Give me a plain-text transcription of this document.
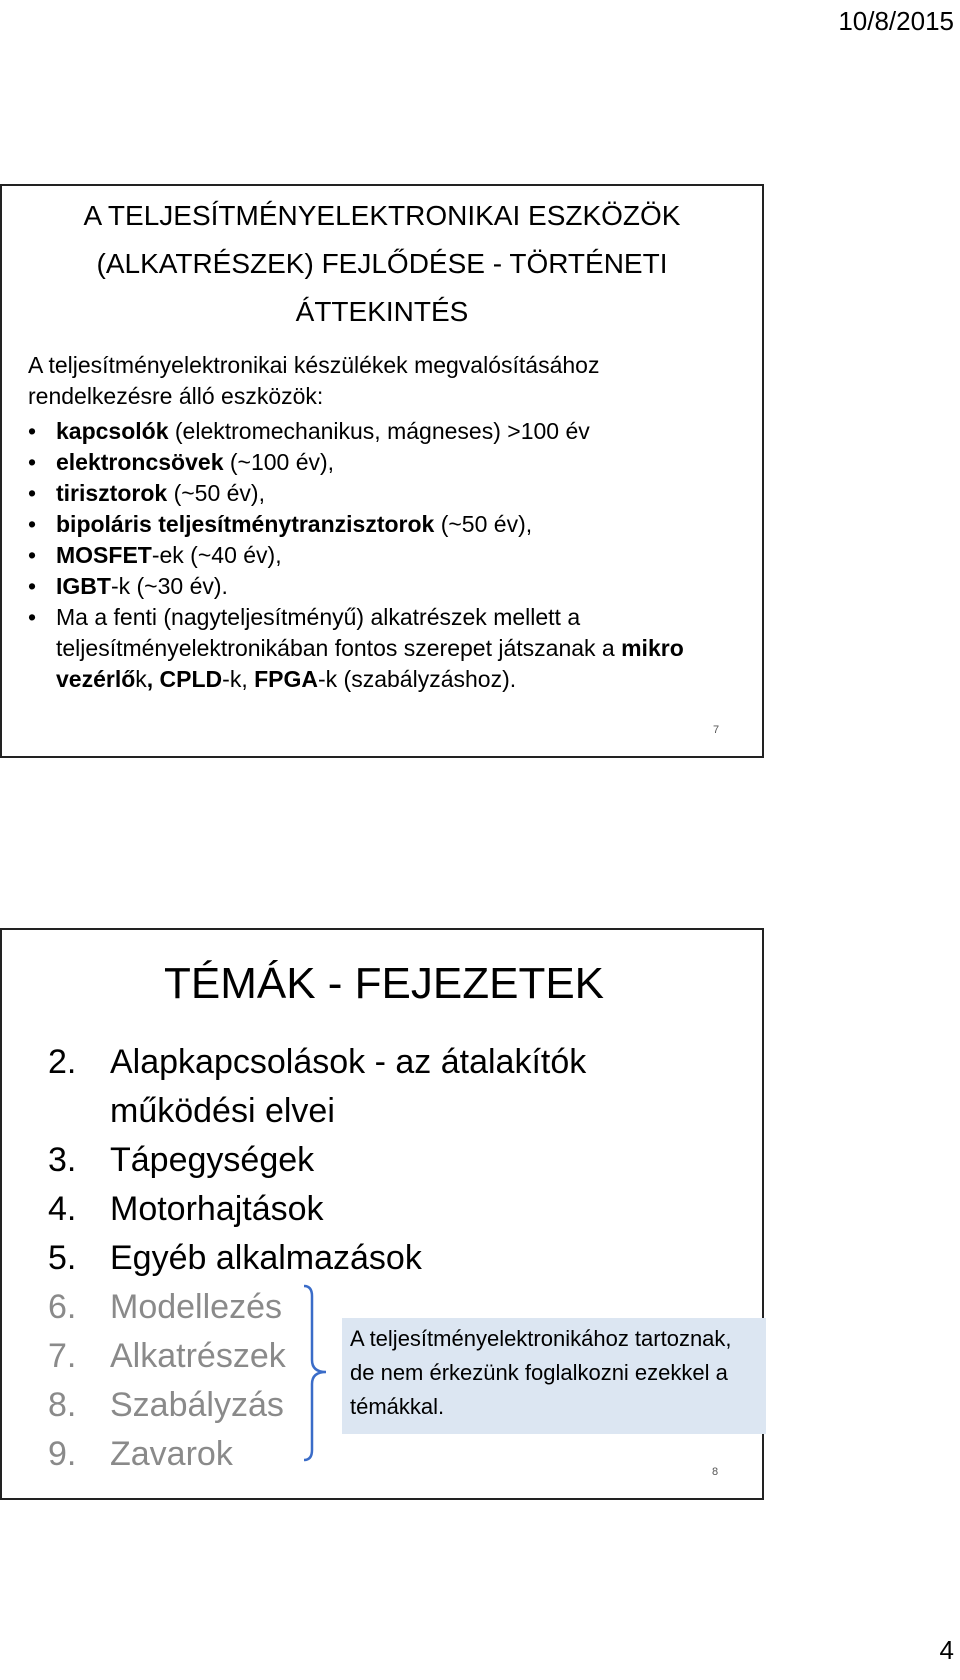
10/8/2015
A TELJESÍTMÉNYELEKTRONIKAI ESZKÖZÖK
(ALKATRÉSZEK) FEJLŐDÉSE - TÖRTÉNETI
ÁTTEKINTÉS
A teljesítményelektronikai készülékek megvalósításához
rendelkezésre álló eszközök:
• kapcsolók (elektromechanikus, mágneses) >100 év
• elektroncsövek (~100 év),
• tirisztorok (~50 év),
• bipoláris teljesítménytranzisztorok (~50 év),
• MOSFET-ek (~40 év),
• IGBT-k (~30 év).
• Ma a fenti (nagyteljesítményű) alkatrészek mellett a teljesítményelektronikában fontos szerepet játszanak a mikro vezérlők, CPLD-k, FPGA-k (szabályzáshoz).
7
TÉMÁK - FEJEZETEK
2. Alapkapcsolások - az átalakítók működési elvei
3. Tápegységek
4. Motorhajtások
5. Egyéb alkalmazások
6. Modellezés
7. Alkatrészek
8. Szabályzás
9. Zavarok
A teljesítményelektronikához tartoznak, de nem érkezünk foglalkozni ezekkel a témákkal.
8
4
